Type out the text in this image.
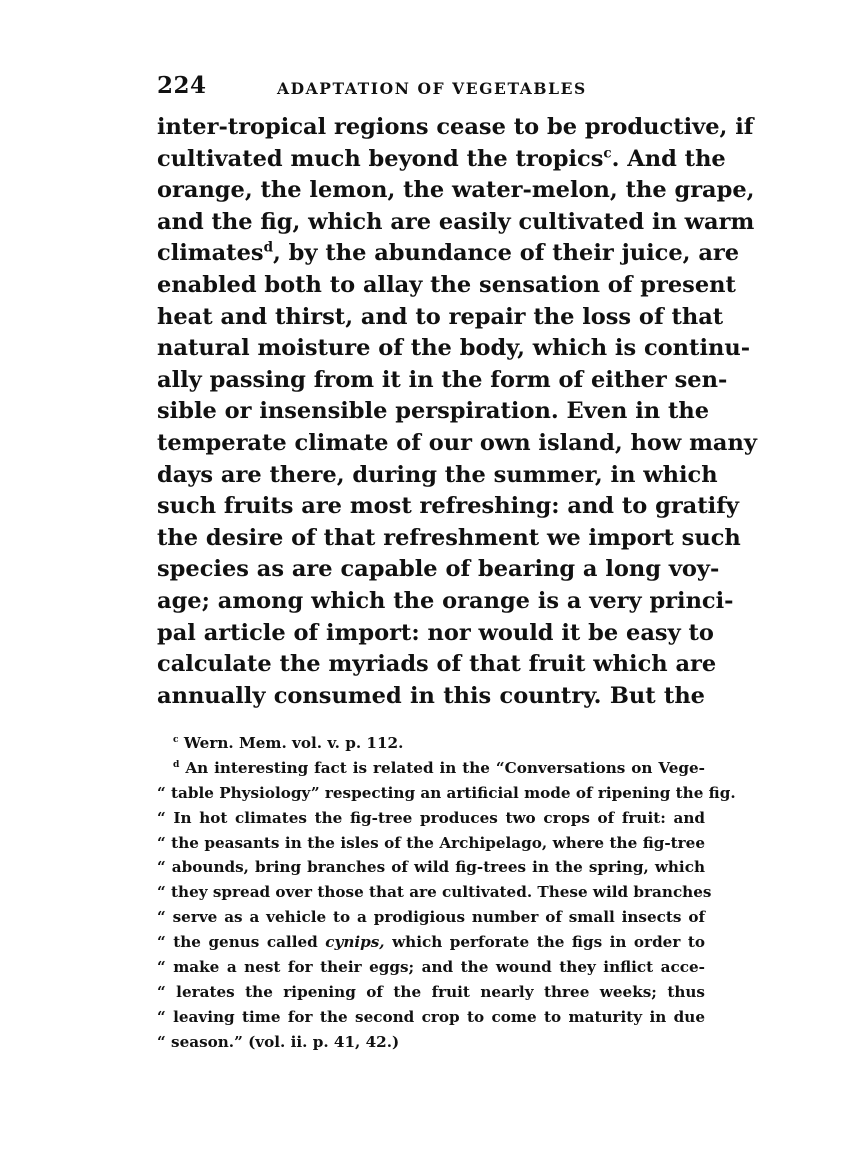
224	ADAPTATION OF VEGETABLES
inter-tropical regions cease to be productive, if
cultivated much beyond the tropics$^c$. And the
orange, the lemon, the water-melon, the grape,
and the fig, which are easily cultivated in warm
climates$^d$, by the abundance of their juice, are
enabled both to allay the sensation of present
heat and thirst, and to repair the loss of that
natural moisture of the body, which is continu-
ally passing from it in the form of either sen-
sible or insensible perspiration. Even in the
temperate climate of our own island, how many
days are there, during the summer, in which
such fruits are most refreshing: and to gratify
the desire of that refreshment we import such
species as are capable of bearing a long voy-
age; among which the orange is a very princi-
pal article of import: nor would it be easy to
calculate the myriads of that fruit which are
annually consumed in this country. But the
$^c$ Wern. Mem. vol. v. p. 112.
$^d$ An interesting fact is related in the “Conversations on Vege-
“ table Physiology” respecting an artificial mode of ripening the fig.
“ In hot climates the fig-tree produces two crops of fruit: and
“ the peasants in the isles of the Archipelago, where the fig-tree
“ abounds, bring branches of wild fig-trees in the spring, which
“ they spread over those that are cultivated. These wild branches
“ serve as a vehicle to a prodigious number of small insects of
“ the genus called cynips, which perforate the figs in order to
“ make a nest for their eggs; and the wound they inflict acce-
“ lerates the ripening of the fruit nearly three weeks; thus
“ leaving time for the second crop to come to maturity in due
“ season.” (vol. ii. p. 41, 42.)
